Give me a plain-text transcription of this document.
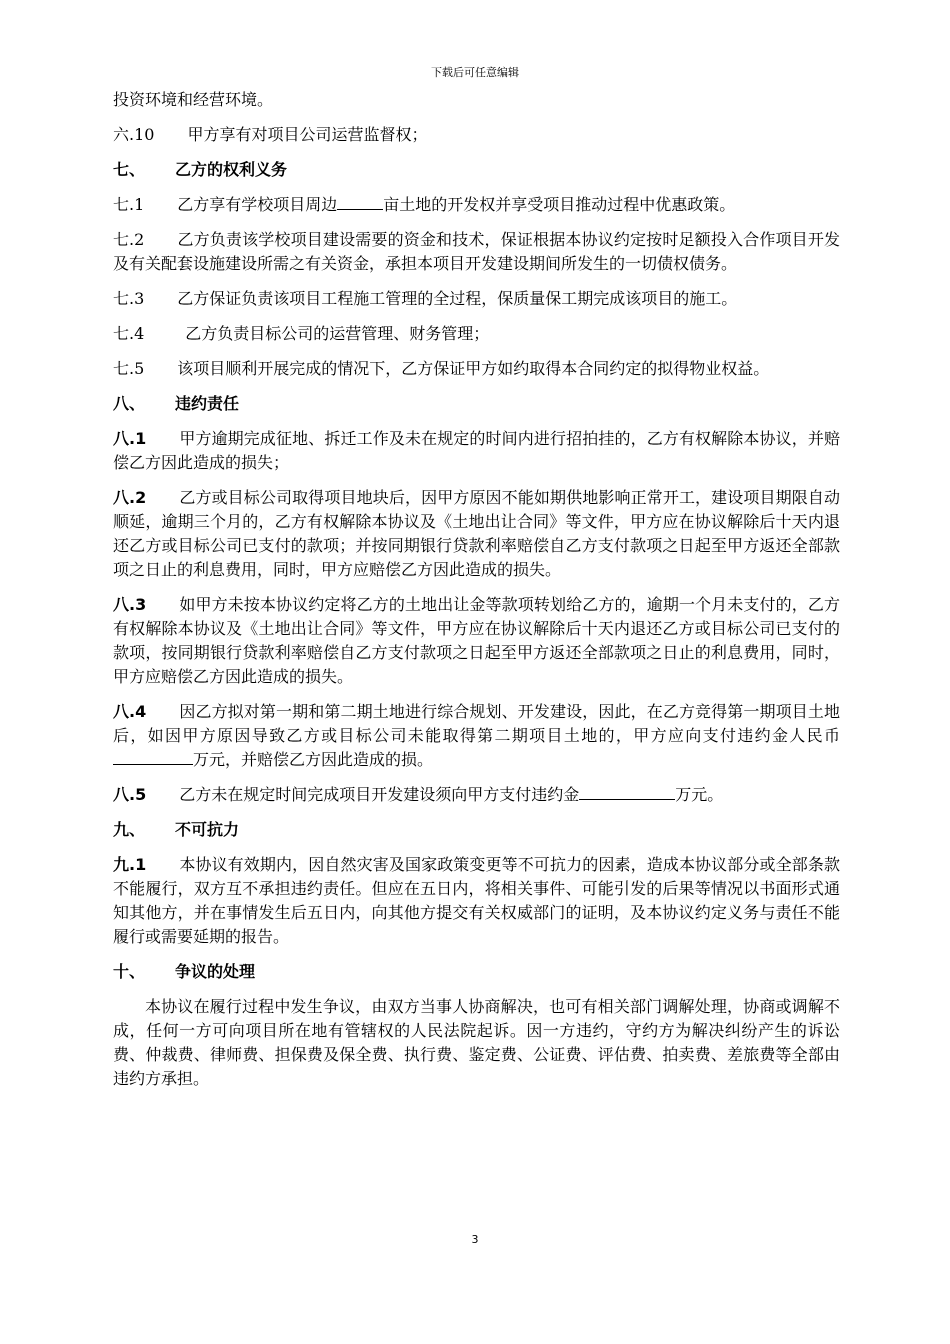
下载后可任意编辑

投资环境和经营环境。

六.10 甲方享有对项目公司运营监督权；

七、 乙方的权利义务

七.1 乙方享有学校项目周边	亩土地的开发权并享受项目推动过程中优惠政策。

七.2 乙方负责该学校项目建设需要的资金和技术，保证根据本协议约定按时足额投入合作项目开发及有关配套设施建设所需之有关资金，承担本项目开发建设期间所发生的一切债权债务。

七.3 乙方保证负责该项目工程施工管理的全过程，保质量保工期完成该项目的施工。

七.4	乙方负责目标公司的运营管理、财务管理；

七.5 该项目顺利开展完成的情况下，乙方保证甲方如约取得本合同约定的拟得物业权益。

八、 违约责任

八.1 甲方逾期完成征地、拆迁工作及未在规定的时间内进行招拍挂的，乙方有权解除本协议，并赔偿乙方因此造成的损失；

八.2 乙方或目标公司取得项目地块后，因甲方原因不能如期供地影响正常开工，建设项目期限自动顺延，逾期三个月的，乙方有权解除本协议及《土地出让合同》等文件，甲方应在协议解除后十天内退还乙方或目标公司已支付的款项；并按同期银行贷款利率赔偿自乙方支付款项之日起至甲方返还全部款项之日止的利息费用，同时，甲方应赔偿乙方因此造成的损失。

八.3 如甲方未按本协议约定将乙方的土地出让金等款项转划给乙方的，逾期一个月未支付的，乙方有权解除本协议及《土地出让合同》等文件，甲方应在协议解除后十天内退还乙方或目标公司已支付的款项，按同期银行贷款利率赔偿自乙方支付款项之日起至甲方返还全部款项之日止的利息费用，同时，甲方应赔偿乙方因此造成的损失。

八.4 因乙方拟对第一期和第二期土地进行综合规划、开发建设，因此，在乙方竞得第一期项目土地后，如因甲方原因导致乙方或目标公司未能取得第二期项目土地的，甲方应向支付违约金人民币万元，并赔偿乙方因此造成的损。

八.5 乙方未在规定时间完成项目开发建设须向甲方支付违约金	万元。

九、 不可抗力

九.1 本协议有效期内，因自然灾害及国家政策变更等不可抗力的因素，造成本协议部分或全部条款不能履行，双方互不承担违约责任。但应在五日内，将相关事件、可能引发的后果等情况以书面形式通知其他方，并在事情发生后五日内，向其他方提交有关权威部门的证明，及本协议约定义务与责任不能履行或需要延期的报告。

十、 争议的处理

本协议在履行过程中发生争议，由双方当事人协商解决，也可有相关部门调解处理，协商或调解不成，任何一方可向项目所在地有管辖权的人民法院起诉。因一方违约，守约方为解决纠纷产生的诉讼费、仲裁费、律师费、担保费及保全费、执行费、鉴定费、公证费、评估费、拍卖费、差旅费等全部由违约方承担。

3
